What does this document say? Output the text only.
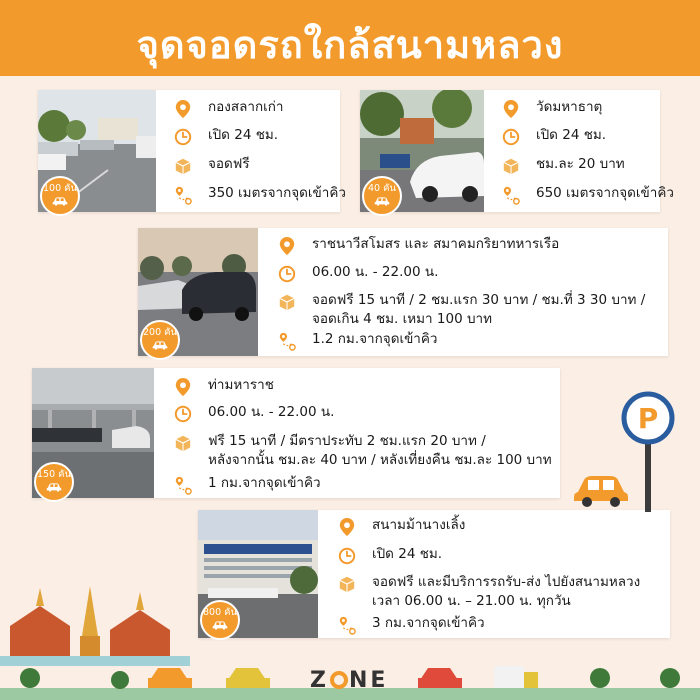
จุดจอดรถใกล้สนามหลวง
100 คัน
กองสลากเก่า
เปิด 24 ชม.
จอดฟรี
350 เมตรจากจุดเข้าคิว	40 คัน
วัดมหาธาตุ
เปิด 24 ชม.
ชม.ละ 20 บาท
650 เมตรจากจุดเข้าคิว
200 คัน
ราชนาวีสโมสร และ สมาคมกริยาทหารเรือ
06.00 น. - 22.00 น.
จอดฟรี 15 นาที / 2 ชม.แรก 30 บาท / ชม.ที่ 3 30 บาท /
จอดเกิน 4 ชม. เหมา 100 บาท
1.2 กม.จากจุดเข้าคิว
150 คัน
ท่ามหาราช
06.00 น. - 22.00 น.
ฟรี 15 นาที / มีตราประทับ 2 ชม.แรก 20 บาท /
หลังจากนั้น ชม.ละ 40 บาท / หลังเที่ยงคืน ชม.ละ 100 บาท
1 กม.จากจุดเข้าคิว
800 คัน
สนามม้านางเลิ้ง
เปิด 24 ชม.
จอดฟรี และมีบริการรถรับ-ส่ง ไปยังสนามหลวง
เวลา 06.00 น. – 21.00 น. ทุกวัน
3 กม.จากจุดเข้าคิว
P
Z NE
